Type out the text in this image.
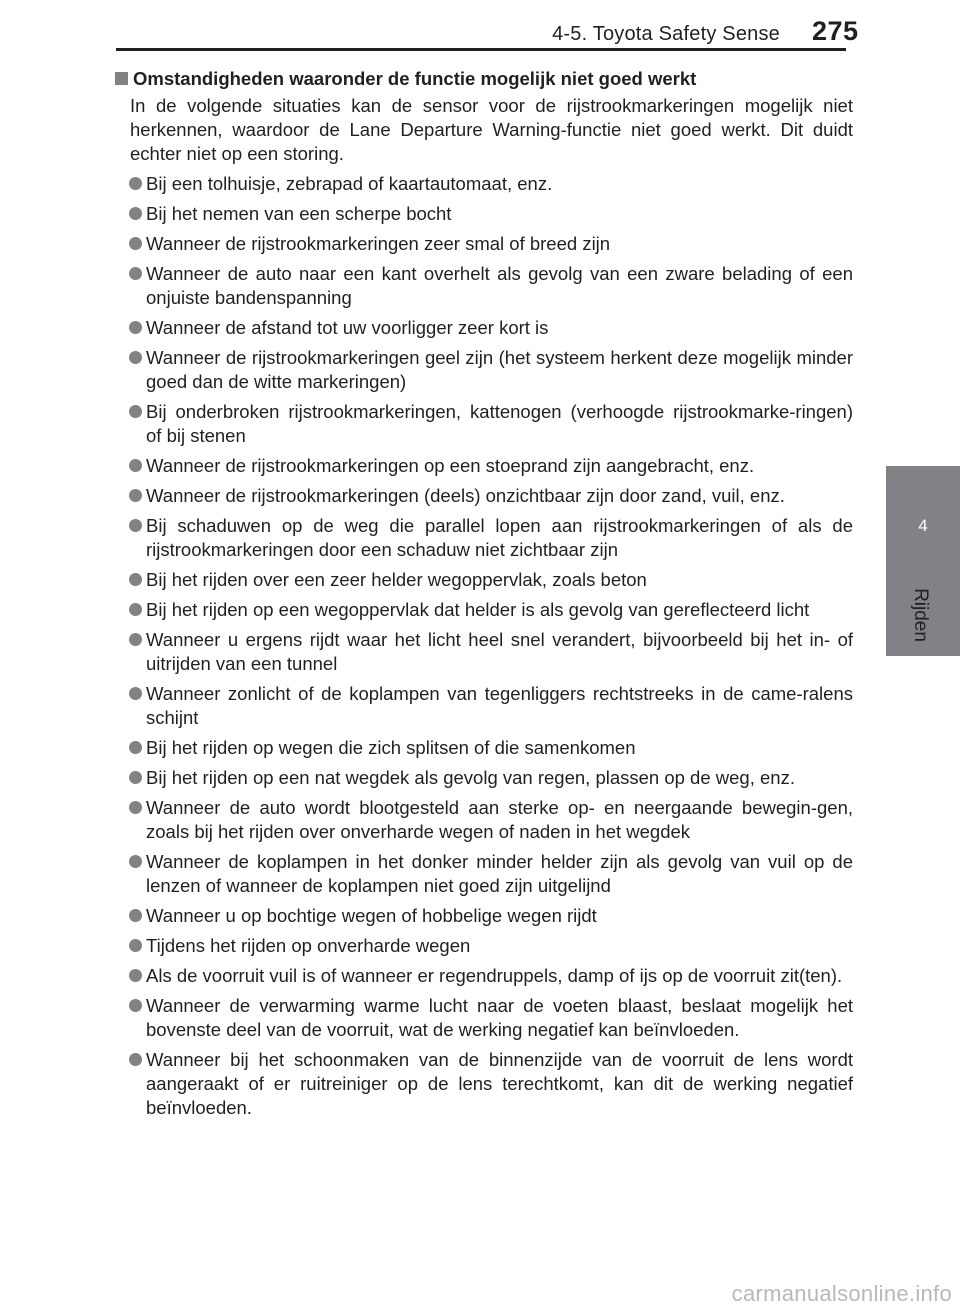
4-5. Toyota Safety Sense 275
4
Rijden
Omstandigheden waaronder de functie mogelijk niet goed werkt

In de volgende situaties kan de sensor voor de rijstrookmarkeringen mogelijk niet herkennen, waardoor de Lane Departure Warning-functie niet goed werkt. Dit duidt echter niet op een storing.

Bij een tolhuisje, zebrapad of kaartautomaat, enz.
Bij het nemen van een scherpe bocht
Wanneer de rijstrookmarkeringen zeer smal of breed zijn
Wanneer de auto naar een kant overhelt als gevolg van een zware belading of een onjuiste bandenspanning
Wanneer de afstand tot uw voorligger zeer kort is
Wanneer de rijstrookmarkeringen geel zijn (het systeem herkent deze mogelijk minder goed dan de witte markeringen)
Bij onderbroken rijstrookmarkeringen, kattenogen (verhoogde rijstrookmarke-ringen) of bij stenen
Wanneer de rijstrookmarkeringen op een stoeprand zijn aangebracht, enz.
Wanneer de rijstrookmarkeringen (deels) onzichtbaar zijn door zand, vuil, enz.
Bij schaduwen op de weg die parallel lopen aan rijstrookmarkeringen of als de rijstrookmarkeringen door een schaduw niet zichtbaar zijn
Bij het rijden over een zeer helder wegoppervlak, zoals beton
Bij het rijden op een wegoppervlak dat helder is als gevolg van gereflecteerd licht
Wanneer u ergens rijdt waar het licht heel snel verandert, bijvoorbeeld bij het in- of uitrijden van een tunnel
Wanneer zonlicht of de koplampen van tegenliggers rechtstreeks in de came-ralens schijnt
Bij het rijden op wegen die zich splitsen of die samenkomen
Bij het rijden op een nat wegdek als gevolg van regen, plassen op de weg, enz.
Wanneer de auto wordt blootgesteld aan sterke op- en neergaande bewegin-gen, zoals bij het rijden over onverharde wegen of naden in het wegdek
Wanneer de koplampen in het donker minder helder zijn als gevolg van vuil op de lenzen of wanneer de koplampen niet goed zijn uitgelijnd
Wanneer u op bochtige wegen of hobbelige wegen rijdt
Tijdens het rijden op onverharde wegen
Als de voorruit vuil is of wanneer er regendruppels, damp of ijs op de voorruit zit(ten).
Wanneer de verwarming warme lucht naar de voeten blaast, beslaat mogelijk het bovenste deel van de voorruit, wat de werking negatief kan beïnvloeden.
Wanneer bij het schoonmaken van de binnenzijde van de voorruit de lens wordt aangeraakt of er ruitreiniger op de lens terechtkomt, kan dit de werking negatief beïnvloeden.
carmanualsonline.info
